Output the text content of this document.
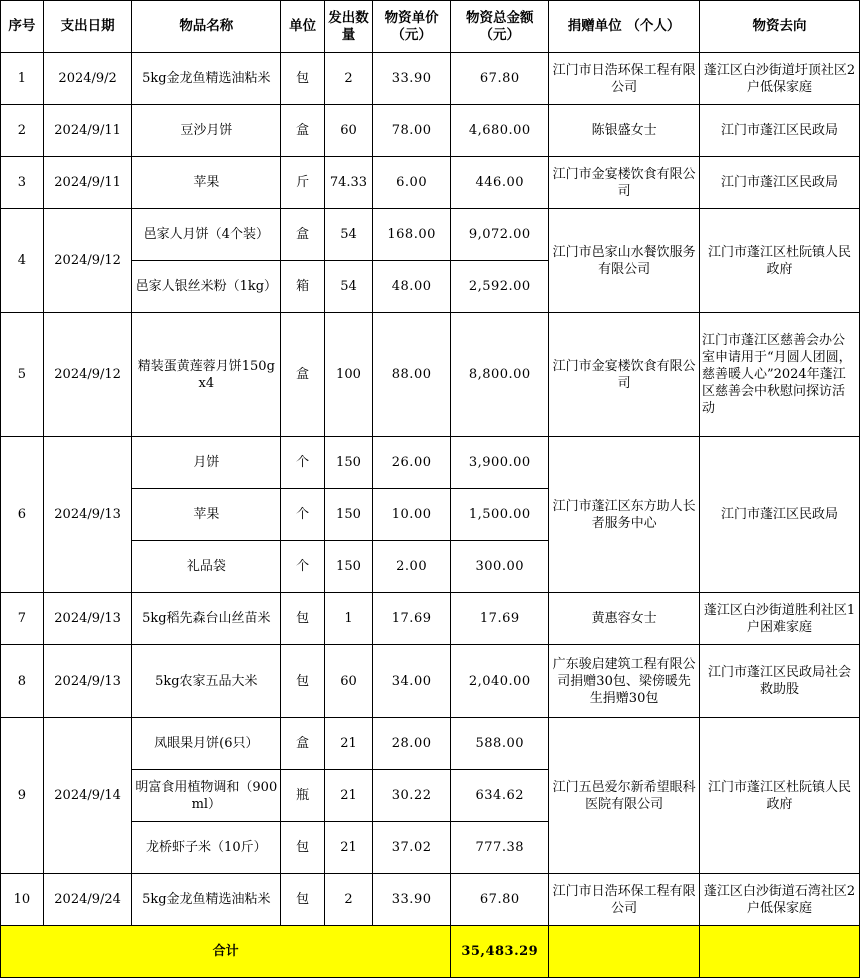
序号	支出日期	物品名称	单位	发出数量	物资单价（元）	物资总金额（元）	捐赠单位 （个人）	物资去向
1	2024/9/2	5kg金龙鱼精选油粘米	包	2	33.90	67.80	江门市日浩环保工程有限公司	蓬江区白沙街道圩顶社区2户低保家庭
2	2024/9/11	豆沙月饼	盒	60	78.00	4,680.00	陈银盛女士	江门市蓬江区民政局
3	2024/9/11	苹果	斤	74.33	6.00	446.00	江门市金宴楼饮食有限公司	江门市蓬江区民政局
4	2024/9/12	邑家人月饼（4个装）	盒	54	168.00	9,072.00	江门市邑家山水餐饮服务有限公司	江门市蓬江区杜阮镇人民政府
		邑家人银丝米粉（1kg）	箱	54	48.00	2,592.00		
5	2024/9/12	精装蛋黄莲蓉月饼150gx4	盒	100	88.00	8,800.00	江门市金宴楼饮食有限公司	江门市蓬江区慈善会办公室申请用于“月圆人团圆，慈善暖人心”2024年蓬江区慈善会中秋慰问探访活动
6	2024/9/13	月饼	个	150	26.00	3,900.00	江门市蓬江区东方助人长者服务中心	江门市蓬江区民政局
		苹果	个	150	10.00	1,500.00		
		礼品袋	个	150	2.00	300.00		
7	2024/9/13	5kg稻先森台山丝苗米	包	1	17.69	17.69	黄惠容女士	蓬江区白沙街道胜利社区1户困难家庭
8	2024/9/13	5kg农家五品大米	包	60	34.00	2,040.00	广东骏启建筑工程有限公司捐赠30包、梁傍暖先生捐赠30包	江门市蓬江区民政局社会救助股
9	2024/9/14	凤眼果月饼(6只）	盒	21	28.00	588.00	江门五邑爱尔新希望眼科医院有限公司	江门市蓬江区杜阮镇人民政府
		明富食用植物调和（900ml）	瓶	21	30.22	634.62		
		龙桥虾子米（10斤）	包	21	37.02	777.38		
10	2024/9/24	5kg金龙鱼精选油粘米	包	2	33.90	67.80	江门市日浩环保工程有限公司	蓬江区白沙街道石湾社区2户低保家庭
合计						35,483.29		
